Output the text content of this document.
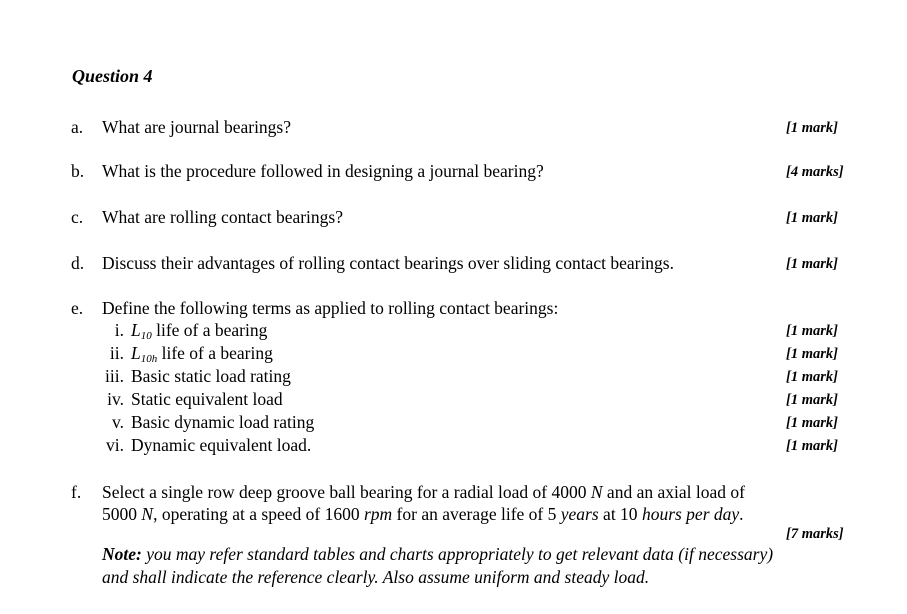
Question 4
a. What are journal bearings?	[1 mark]
b. What is the procedure followed in designing a journal bearing?	[4 marks]
c. What are rolling contact bearings?	[1 mark]
d. Discuss their advantages of rolling contact bearings over sliding contact bearings.	[1 mark]
e. Define the following terms as applied to rolling contact bearings:
i. $L_{10}$ life of a bearing	[1 mark]
ii. $L_{10h}$ life of a bearing	[1 mark]
iii. Basic static load rating	[1 mark]
iv. Static equivalent load	[1 mark]
v. Basic dynamic load rating	[1 mark]
vi. Dynamic equivalent load.	[1 mark]
f. Select a single row deep groove ball bearing for a radial load of 4000 N and an axial load of
5000 N, operating at a speed of 1600 rpm for an average life of 5 years at 10 hours per day.
[7 marks]
Note: you may refer standard tables and charts appropriately to get relevant data (if necessary)
and shall indicate the reference clearly. Also assume uniform and steady load.
